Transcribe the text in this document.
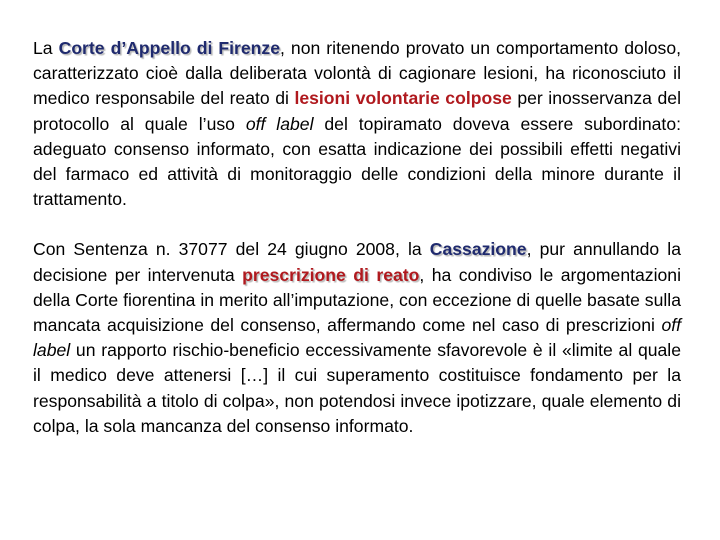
La Corte d’Appello di Firenze, non ritenendo provato un comportamento doloso, caratterizzato cioè dalla deliberata volontà di cagionare lesioni, ha riconosciuto il medico responsabile del reato di lesioni volontarie colpose per inosservanza del protocollo al quale l’uso off label del topiramato doveva essere subordinato: adeguato consenso informato, con esatta indicazione dei possibili effetti negativi del farmaco ed attività di monitoraggio delle condizioni della minore durante il trattamento.

Con Sentenza n. 37077 del 24 giugno 2008, la Cassazione, pur annullando la decisione per intervenuta prescrizione di reato, ha condiviso le argomentazioni della Corte fiorentina in merito all’imputazione, con eccezione di quelle basate sulla mancata acquisizione del consenso, affermando come nel caso di prescrizioni off label un rapporto rischio-beneficio eccessivamente sfavorevole è il «limite al quale il medico deve attenersi […] il cui superamento costituisce fondamento per la responsabilità a titolo di colpa», non potendosi invece ipotizzare, quale elemento di colpa, la sola mancanza del consenso informato.
